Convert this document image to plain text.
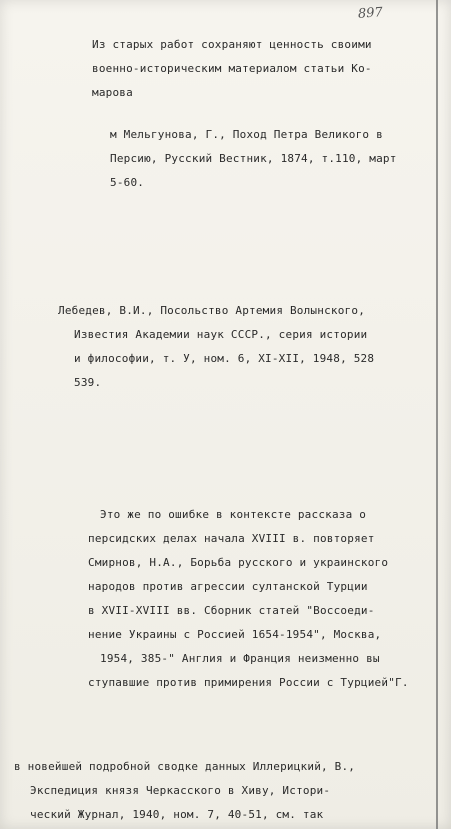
897
Из старых работ сохраняют ценность своими
военно-историческим материалом статьи Ко-
марова
м Мельгунова, Г., Поход Петра Великого в
Персию, Русский Вестник, 1874, т.110, март
5-60.
Лебедев, В.И., Посольство Артемия Волынского,
Известия Академии наук СССР., серия истории
и философии, т. У, ном. 6, XI-XII, 1948, 528
539.
Это же по ошибке в контексте рассказа о
персидских делах начала XVIII в. повторяет
Смирнов, Н.А., Борьба русского и украинского
народов против агрессии султанской Турции
в XVII-XVIII вв. Сборник статей "Воссоеди-
нение Украины с Россией 1654-1954", Москва,
1954, 385-" Англия и Франция неизменно вы
ступавшие против примирения России с Турцией"Г.
в новейшей подробной сводке данных Иллерицкий, В.,
Экспедиция князя Черкасского в Хиву, Истори-
ческий Журнал, 1940, ном. 7, 40-51, см. так
